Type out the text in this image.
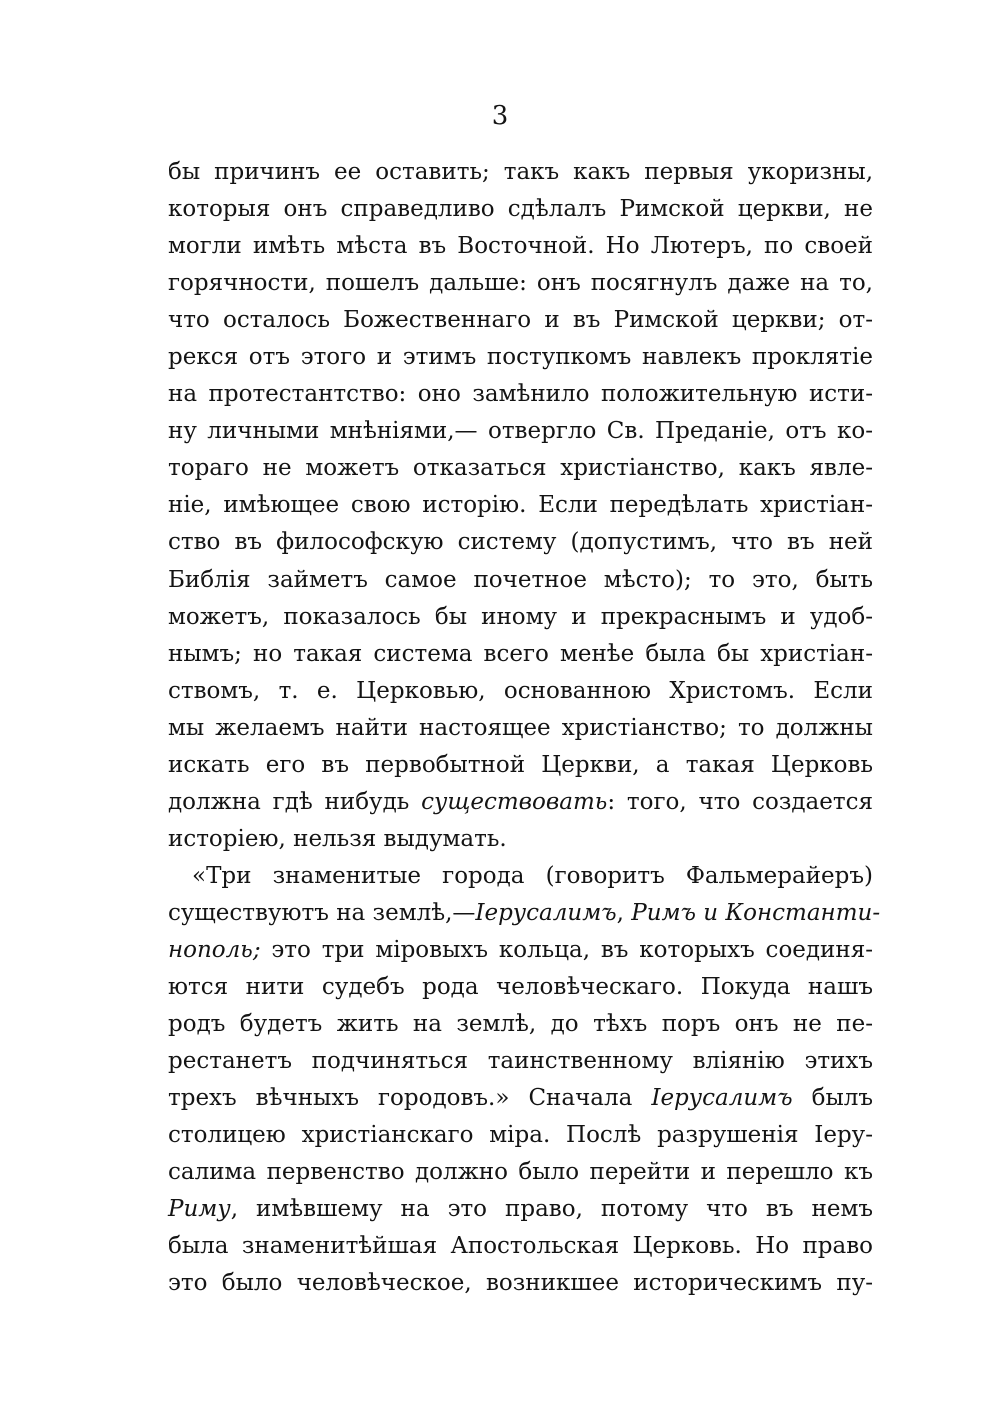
3
бы причинъ ее оставить; такъ какъ первыя укоризны,
которыя онъ справедливо сдѣлалъ Римской церкви, не
могли имѣть мѣста въ Восточной. Но Лютеръ, по своей
горячности, пошелъ дальше: онъ посягнулъ даже на то,
что осталось Божественнаго и въ Римской церкви; от-
рекся отъ этого и этимъ поступкомъ навлекъ проклятіе
на протестантство: оно замѣнило положительную исти-
ну личными мнѣніями,— отвергло Св. Преданіе, отъ ко-
тораго не можетъ отказаться христіанство, какъ явле-
ніе, имѣющее свою исторію. Если передѣлать христіан-
ство въ философскую систему (допустимъ, что въ ней
Библія займетъ самое почетное мѣсто); то это, быть
можетъ, показалось бы иному и прекраснымъ и удоб-
нымъ; но такая система всего менѣе была бы христіан-
ствомъ, т. е. Церковью, основанною Христомъ. Если
мы желаемъ найти настоящее христіанство; то должны
искать его въ первобытной Церкви, а такая Церковь
должна гдѣ нибудь существовать: того, что создается
исторіею, нельзя выдумать.
«Три знаменитые города (говоритъ Фальмерайеръ)
существуютъ на землѣ,—Іерусалимъ, Римъ и Константи-
нополь; это три міровыхъ кольца, въ которыхъ соединя-
ются нити судебъ рода человѣческаго. Покуда нашъ
родъ будетъ жить на землѣ, до тѣхъ поръ онъ не пе-
рестанетъ подчиняться таинственному вліянію этихъ
трехъ вѣчныхъ городовъ.» Сначала Іерусалимъ былъ
столицею христіанскаго міра. Послѣ разрушенія Іеру-
салима первенство должно было перейти и перешло къ
Риму, имѣвшему на это право, потому что въ немъ
была знаменитѣйшая Апостольская Церковь. Но право
это было человѣческое, возникшее историческимъ пу-
